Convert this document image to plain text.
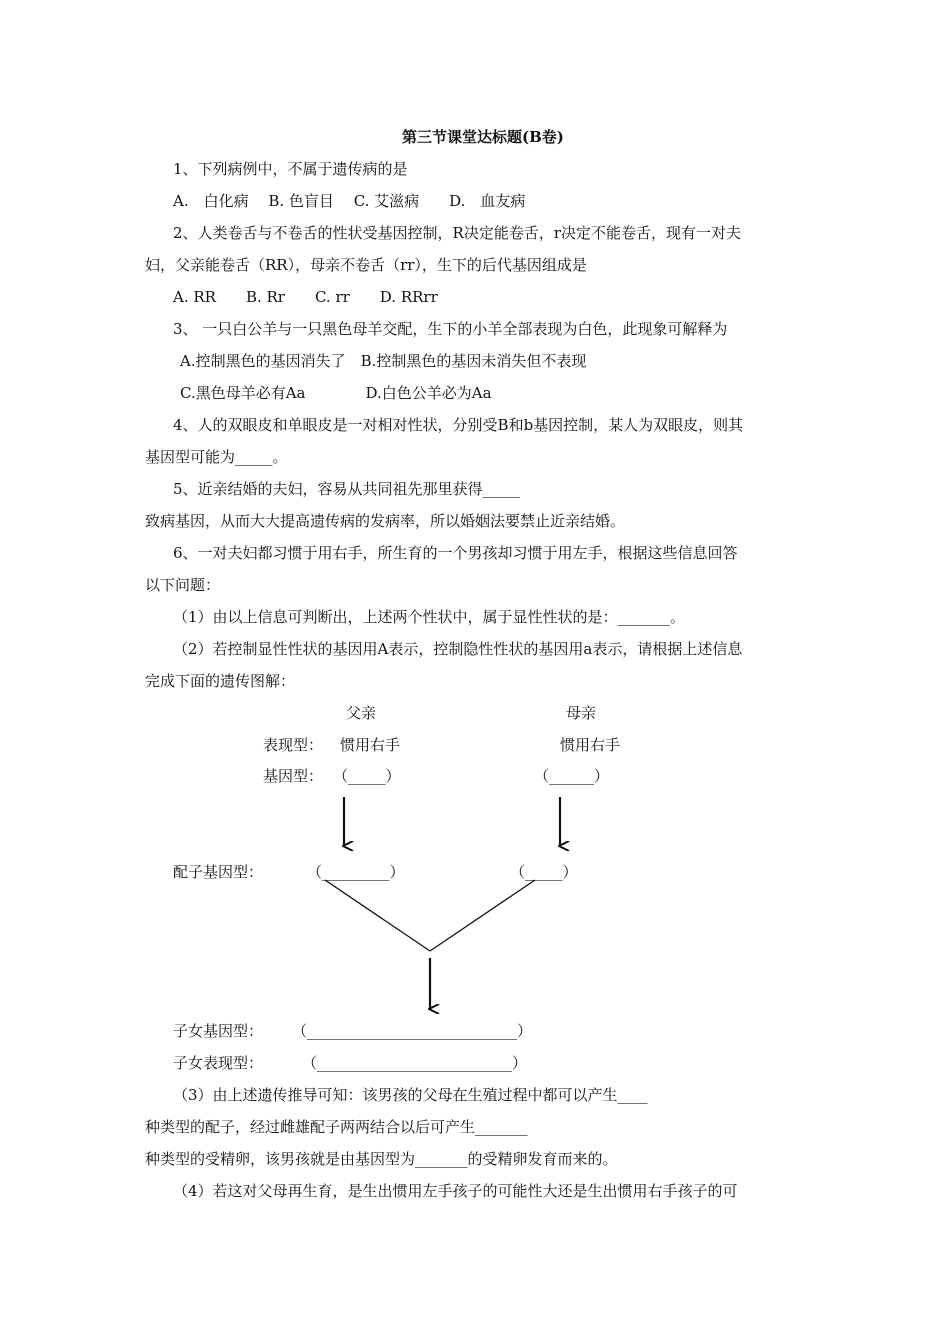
第三节课堂达标题(B卷)
1、下列病例中，不属于遗传病的是
A.　白化病　 B. 色盲目　 C. 艾滋病　　D.　血友病
2、人类卷舌与不卷舌的性状受基因控制，R决定能卷舌，r决定不能卷舌，现有一对夫
妇，父亲能卷舌（RR），母亲不卷舌（rr），生下的后代基因组成是
A. RR　　B. Rr　　C. rr　　D. RRrr
3、 一只白公羊与一只黑色母羊交配，生下的小羊全部表现为白色，此现象可解释为
A.控制黑色的基因消失了　B.控制黑色的基因未消失但不表现
C.黑色母羊必有Aa　　　　D.白色公羊必为Aa
4、人的双眼皮和单眼皮是一对相对性状，分别受B和b基因控制，某人为双眼皮，则其
基因型可能为_____。
5、近亲结婚的夫妇，容易从共同祖先那里获得_____
致病基因，从而大大提高遗传病的发病率，所以婚姻法要禁止近亲结婚。
6、一对夫妇都习惯于用右手，所生育的一个男孩却习惯于用左手，根据这些信息回答
以下问题：
（1）由以上信息可判断出，上述两个性状中，属于显性性状的是：_______。
（2）若控制显性性状的基因用A表示，控制隐性性状的基因用a表示，请根据上述信息
完成下面的遗传图解：
父亲	母亲
表现型： 惯用右手	惯用右手
基因型： （_____）	（______）
配子基因型：	（_________）	（_____）
子女基因型： （____________________________）
子女表现型：	（__________________________）
（3）由上述遗传推导可知：该男孩的父母在生殖过程中都可以产生____
种类型的配子，经过雌雄配子两两结合以后可产生_______
种类型的受精卵，该男孩就是由基因型为_______的受精卵发育而来的。
（4）若这对父母再生育，是生出惯用左手孩子的可能性大还是生出惯用右手孩子的可
